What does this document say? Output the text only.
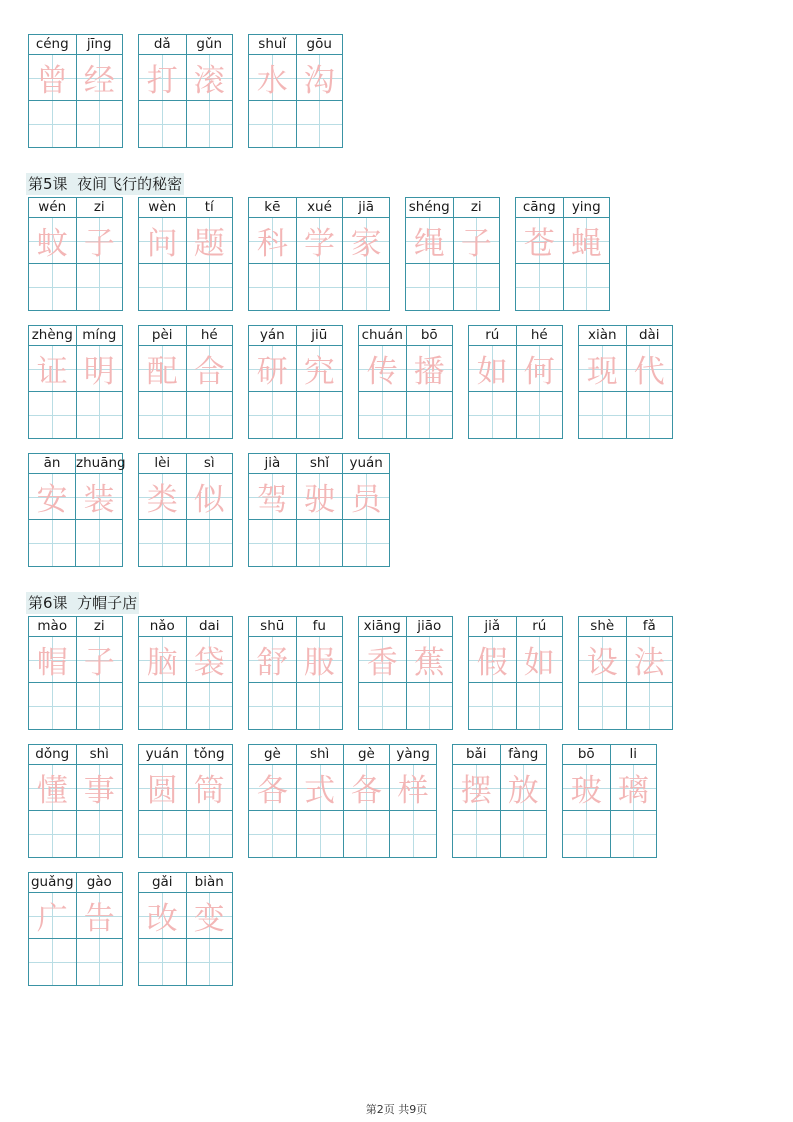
céng
曾
jīng
经
dǎ
打
gǔn
滚
shuǐ
水
gōu
沟
第5课  夜间飞行的秘密
wén
蚊
zi
子
wèn
问
tí
题
kē
科
xué
学
jiā
家
shéng
绳
zi
子
cāng
苍
ying
蝇
zhèng
证
míng
明
pèi
配
hé
合
yán
研
jiū
究
chuán
传
bō
播
rú
如
hé
何
xiàn
现
dài
代
ān
安
zhuāng
装
lèi
类
sì
似
jià
驾
shǐ
驶
yuán
员
第6课  方帽子店
mào
帽
zi
子
nǎo
脑
dai
袋
shū
舒
fu
服
xiāng
香
jiāo
蕉
jiǎ
假
rú
如
shè
设
fǎ
法
dǒng
懂
shì
事
yuán
圆
tǒng
筒
gè
各
shì
式
gè
各
yàng
样
bǎi
摆
fàng
放
bō
玻
li
璃
guǎng
广
gào
告
gǎi
改
biàn
变
第2页 共9页
